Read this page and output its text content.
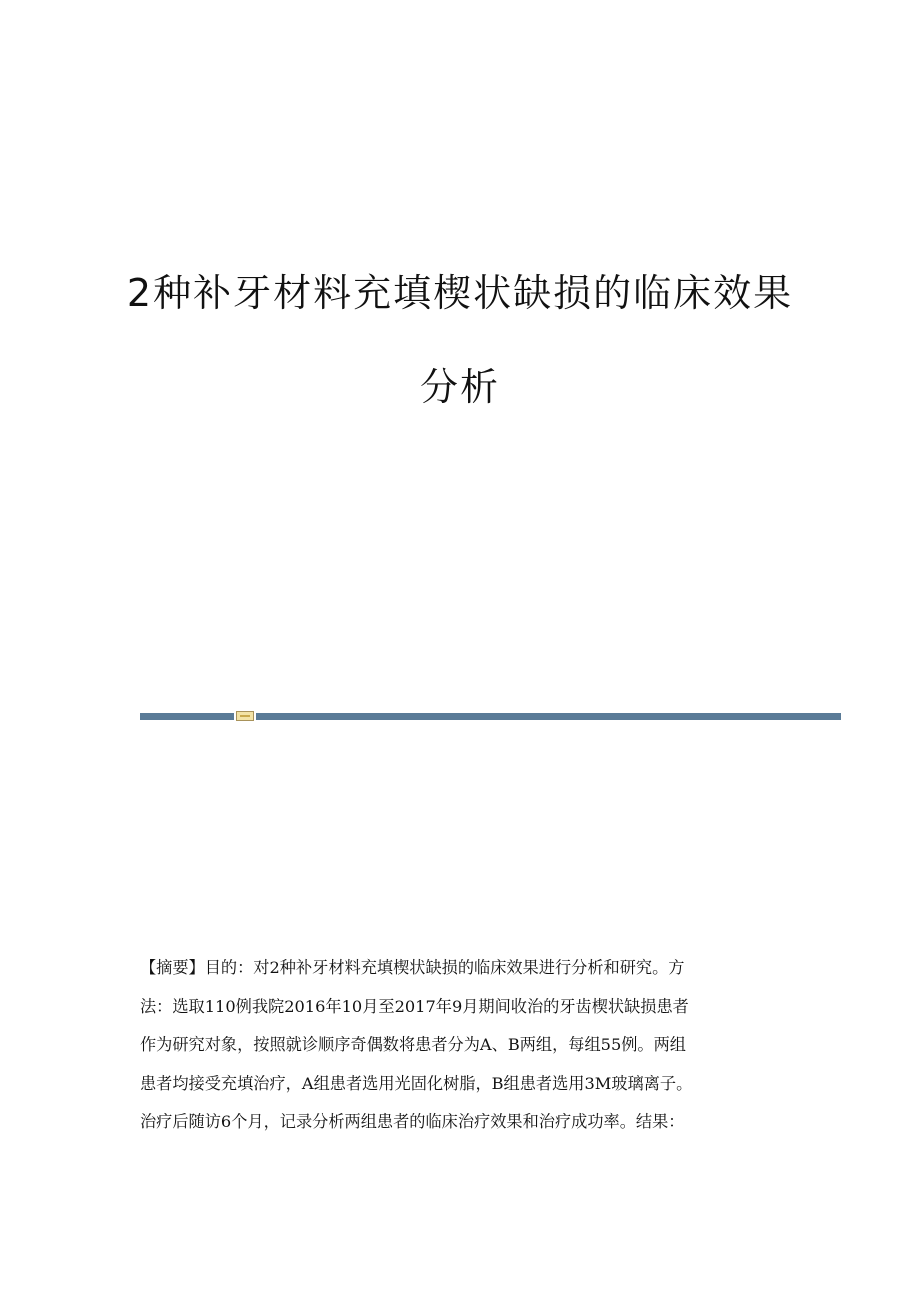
2种补牙材料充填楔状缺损的临床效果
分析
【摘要】目的：对2种补牙材料充填楔状缺损的临床效果进行分析和研究。方
法：选取110例我院2016年10月至2017年9月期间收治的牙齿楔状缺损患者
作为研究对象，按照就诊顺序奇偶数将患者分为A、B两组，每组55例。两组
患者均接受充填治疗，A组患者选用光固化树脂，B组患者选用3M玻璃离子。
治疗后随访6个月，记录分析两组患者的临床治疗效果和治疗成功率。结果：
